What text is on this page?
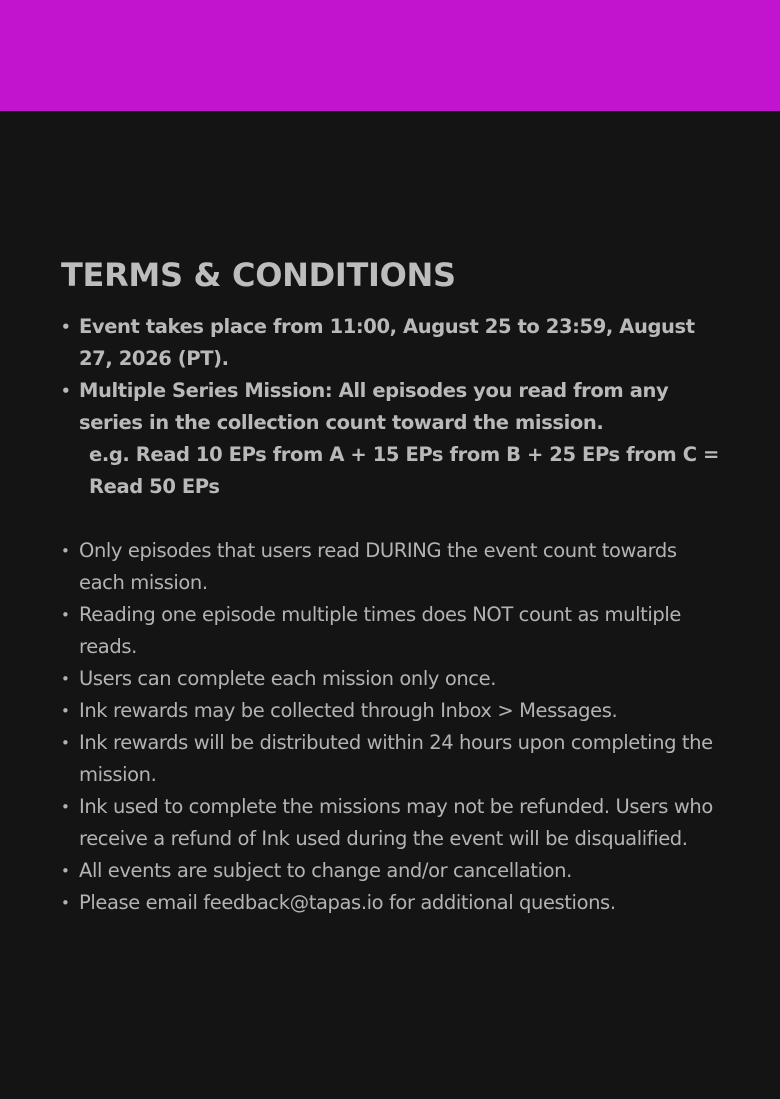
TERMS & CONDITIONS
• Event takes place from 11:00, August 25 to 23:59, August 27, 2026 (PT).
• Multiple Series Mission: All episodes you read from any series in the collection count toward the mission.
e.g. Read 10 EPs from A + 15 EPs from B + 25 EPs from C = Read 50 EPs
• Only episodes that users read DURING the event count towards each mission.
• Reading one episode multiple times does NOT count as multiple reads.
• Users can complete each mission only once.
• Ink rewards may be collected through Inbox > Messages.
• Ink rewards will be distributed within 24 hours upon completing the mission.
• Ink used to complete the missions may not be refunded. Users who receive a refund of Ink used during the event will be disqualified.
• All events are subject to change and/or cancellation.
• Please email feedback@tapas.io for additional questions.
